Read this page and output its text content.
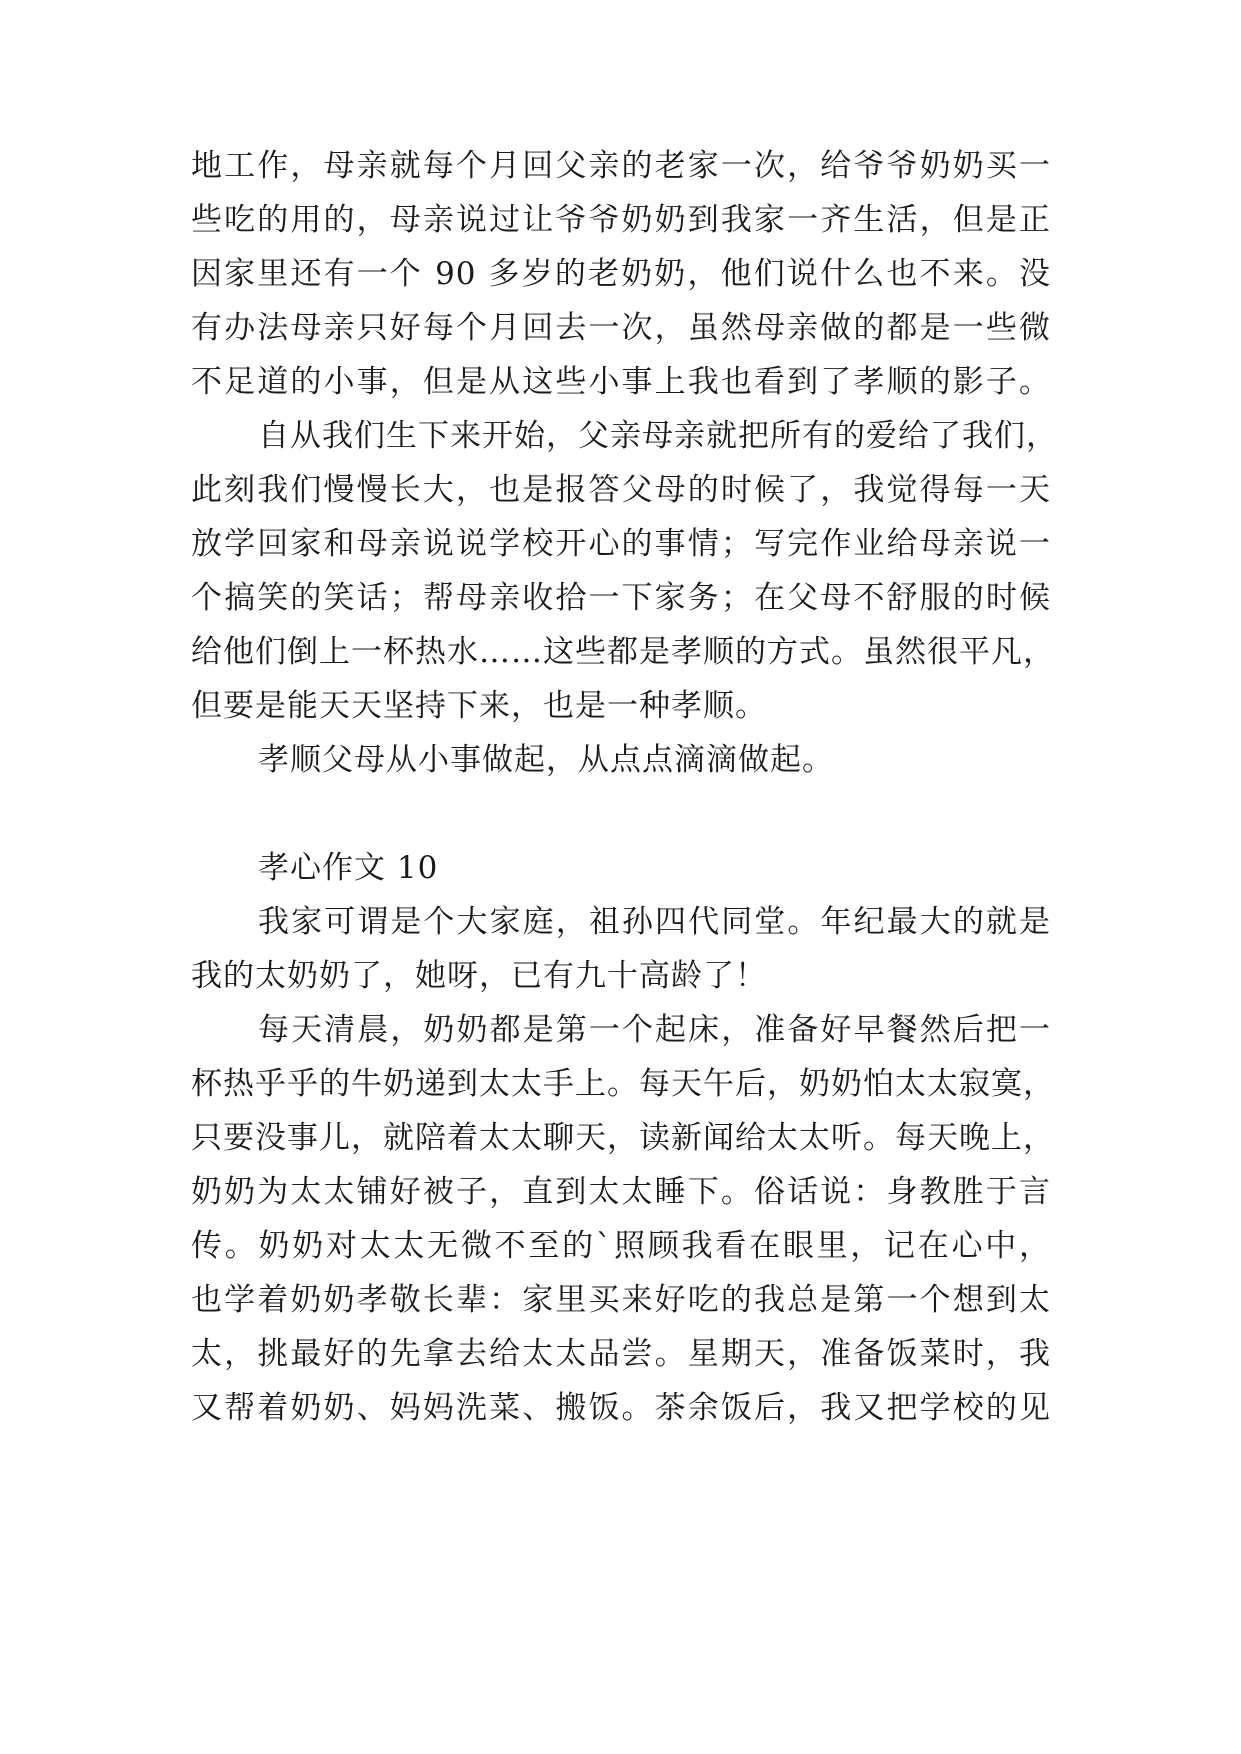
地工作，母亲就每个月回父亲的老家一次，给爷爷奶奶买一
些吃的用的，母亲说过让爷爷奶奶到我家一齐生活，但是正
因家里还有一个 90 多岁的老奶奶，他们说什么也不来。没
有办法母亲只好每个月回去一次，虽然母亲做的都是一些微
不足道的小事，但是从这些小事上我也看到了孝顺的影子。
自从我们生下来开始，父亲母亲就把所有的爱给了我们，
此刻我们慢慢长大，也是报答父母的时候了，我觉得每一天
放学回家和母亲说说学校开心的事情；写完作业给母亲说一
个搞笑的笑话；帮母亲收拾一下家务；在父母不舒服的时候
给他们倒上一杯热水……这些都是孝顺的方式。虽然很平凡，
但要是能天天坚持下来，也是一种孝顺。
孝顺父母从小事做起，从点点滴滴做起。
孝心作文 10
我家可谓是个大家庭，祖孙四代同堂。年纪最大的就是
我的太奶奶了，她呀，已有九十高龄了！
每天清晨，奶奶都是第一个起床，准备好早餐然后把一
杯热乎乎的牛奶递到太太手上。每天午后，奶奶怕太太寂寞，
只要没事儿，就陪着太太聊天，读新闻给太太听。每天晚上，
奶奶为太太铺好被子，直到太太睡下。俗话说：身教胜于言
传。奶奶对太太无微不至的`照顾我看在眼里，记在心中，
也学着奶奶孝敬长辈：家里买来好吃的我总是第一个想到太
太，挑最好的先拿去给太太品尝。星期天，准备饭菜时，我
又帮着奶奶、妈妈洗菜、搬饭。茶余饭后，我又把学校的见
